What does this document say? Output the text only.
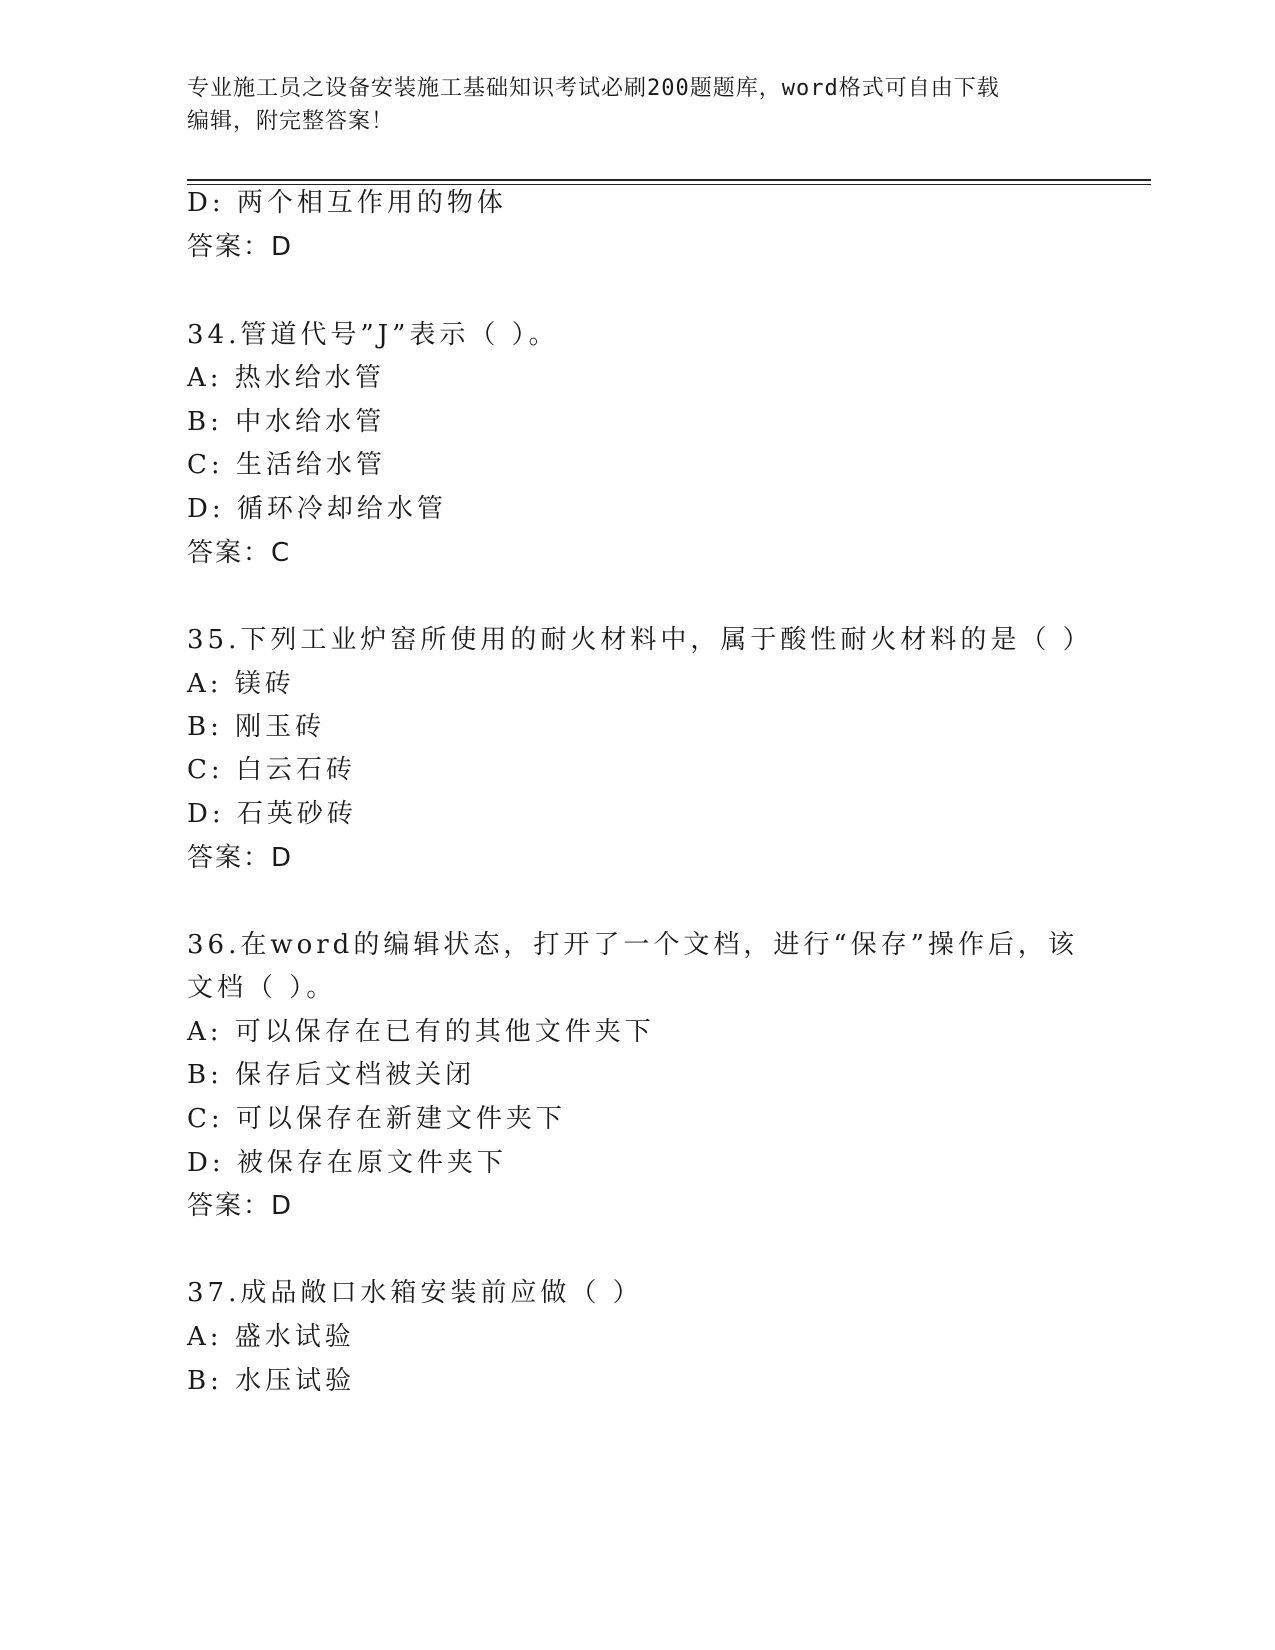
专业施工员之设备安装施工基础知识考试必刷200题题库，word格式可自由下载
编辑，附完整答案！
D: 两个相互作用的物体
答案：D
34.管道代号”J”表示（ ）。
A: 热水给水管
B: 中水给水管
C: 生活给水管
D: 循环冷却给水管
答案：C
35.下列工业炉窑所使用的耐火材料中，属于酸性耐火材料的是（ ）
A: 镁砖
B: 刚玉砖
C: 白云石砖
D: 石英砂砖
答案：D
36.在word的编辑状态，打开了一个文档，进行“保存”操作后，该
文档（ ）。
A: 可以保存在已有的其他文件夹下
B: 保存后文档被关闭
C: 可以保存在新建文件夹下
D: 被保存在原文件夹下
答案：D
37.成品敞口水箱安装前应做（ ）
A: 盛水试验
B: 水压试验
